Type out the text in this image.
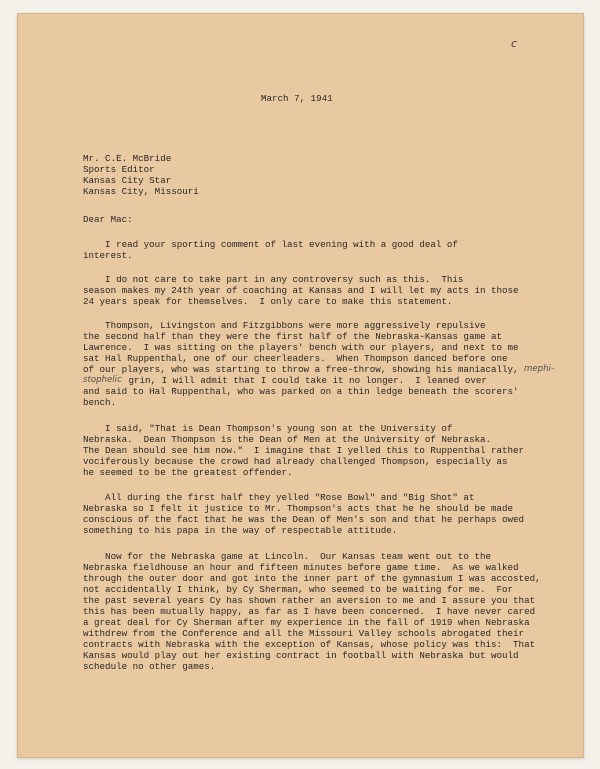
c

March 7, 1941

Mr. C.E. McBride

Sports Editor

Kansas City Star

Kansas City, Missouri

Dear Mac:

I read your sporting comment of last evening with a good deal of

interest.

I do not care to take part in any controversy such as this.  This

season makes my 24th year of coaching at Kansas and I will let my acts in those

24 years speak for themselves.  I only care to make this statement.

Thompson, Livingston and Fitzgibbons were more aggressively repulsive

the second half than they were the first half of the Nebraska-Kansas game at

Lawrence.  I was sitting on the players' bench with our players, and next to me

sat Hal Ruppenthal, one of our cheerleaders.  When Thompson danced before one

of our players, who was starting to throw a free-throw, showing his maniacally, mephi-
stophelic grin, I will admit that I could take it no longer.  I leaned over

and said to Hal Ruppenthal, who was parked on a thin ledge beneath the scorers'

bench.

I said, "That is Dean Thompson's young son at the University of

Nebraska.  Dean Thompson is the Dean of Men at the University of Nebraska.

The Dean should see him now."  I imagine that I yelled this to Ruppenthal rather

vociferously because the crowd had already challenged Thompson, especially as

he seemed to be the greatest offender.

All during the first half they yelled "Rose Bowl" and "Big Shot" at

Nebraska so I felt it justice to Mr. Thompson's acts that he he should be made

conscious of the fact that he was the Dean of Men's son and that he perhaps owed

something to his papa in the way of respectable attitude.

Now for the Nebraska game at Lincoln.  Our Kansas team went out to the

Nebraska fieldhouse an hour and fifteen minutes before game time.  As we walked

through the outer door and got into the inner part of the gymnasium I was accosted,

not accidentally I think, by Cy Sherman, who seemed to be waiting for me.  For

the past several years Cy has shown rather an aversion to me and I assure you that

this has been mutually happy, as far as I have been concerned.  I have never cared

a great deal for Cy Sherman after my experience in the fall of 1919 when Nebraska

withdrew from the Conference and all the Missouri Valley schools abrogated their

contracts with Nebraska with the exception of Kansas, whose policy was this:  That

Kansas would play out her existing contract in football with Nebraska but would

schedule no other games.
